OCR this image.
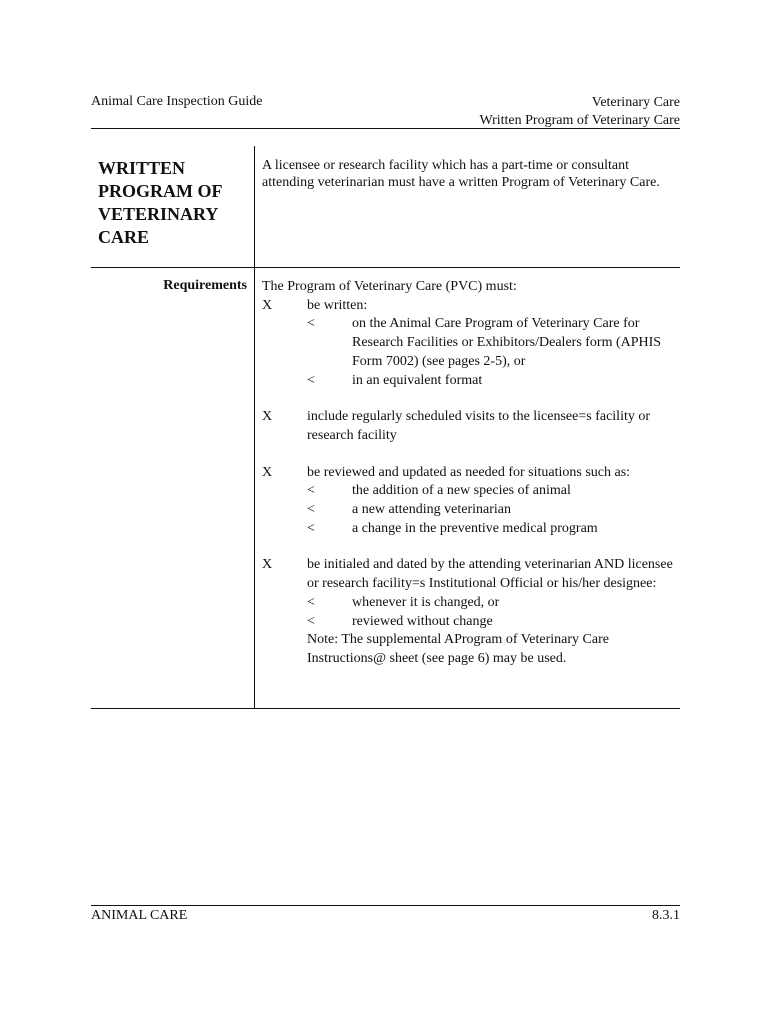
Animal Care Inspection Guide	Veterinary Care
Written Program of Veterinary Care
WRITTEN
PROGRAM OF
VETERINARY
CARE
A licensee or research facility which has a part-time or consultant attending veterinarian must have a written Program of Veterinary Care.
Requirements The Program of Veterinary Care (PVC) must:

X	be written:
<	on the Animal Care Program of Veterinary Care for Research Facilities or Exhibitors/Dealers form (APHIS Form 7002) (see pages 2-5), or
<	in an equivalent format
X	include regularly scheduled visits to the licensee=s facility or research facility
X	be reviewed and updated as needed for situations such as:
<	the addition of a new species of animal
<	a new attending veterinarian
<	a change in the preventive medical program
X	be initialed and dated by the attending veterinarian AND licensee or research facility=s Institutional Official or his/her designee:
<	whenever it is changed, or
<	reviewed without change

Note: The supplemental AProgram of Veterinary Care Instructions@ sheet (see page 6) may be used.

ANIMAL CARE	8.3.1
